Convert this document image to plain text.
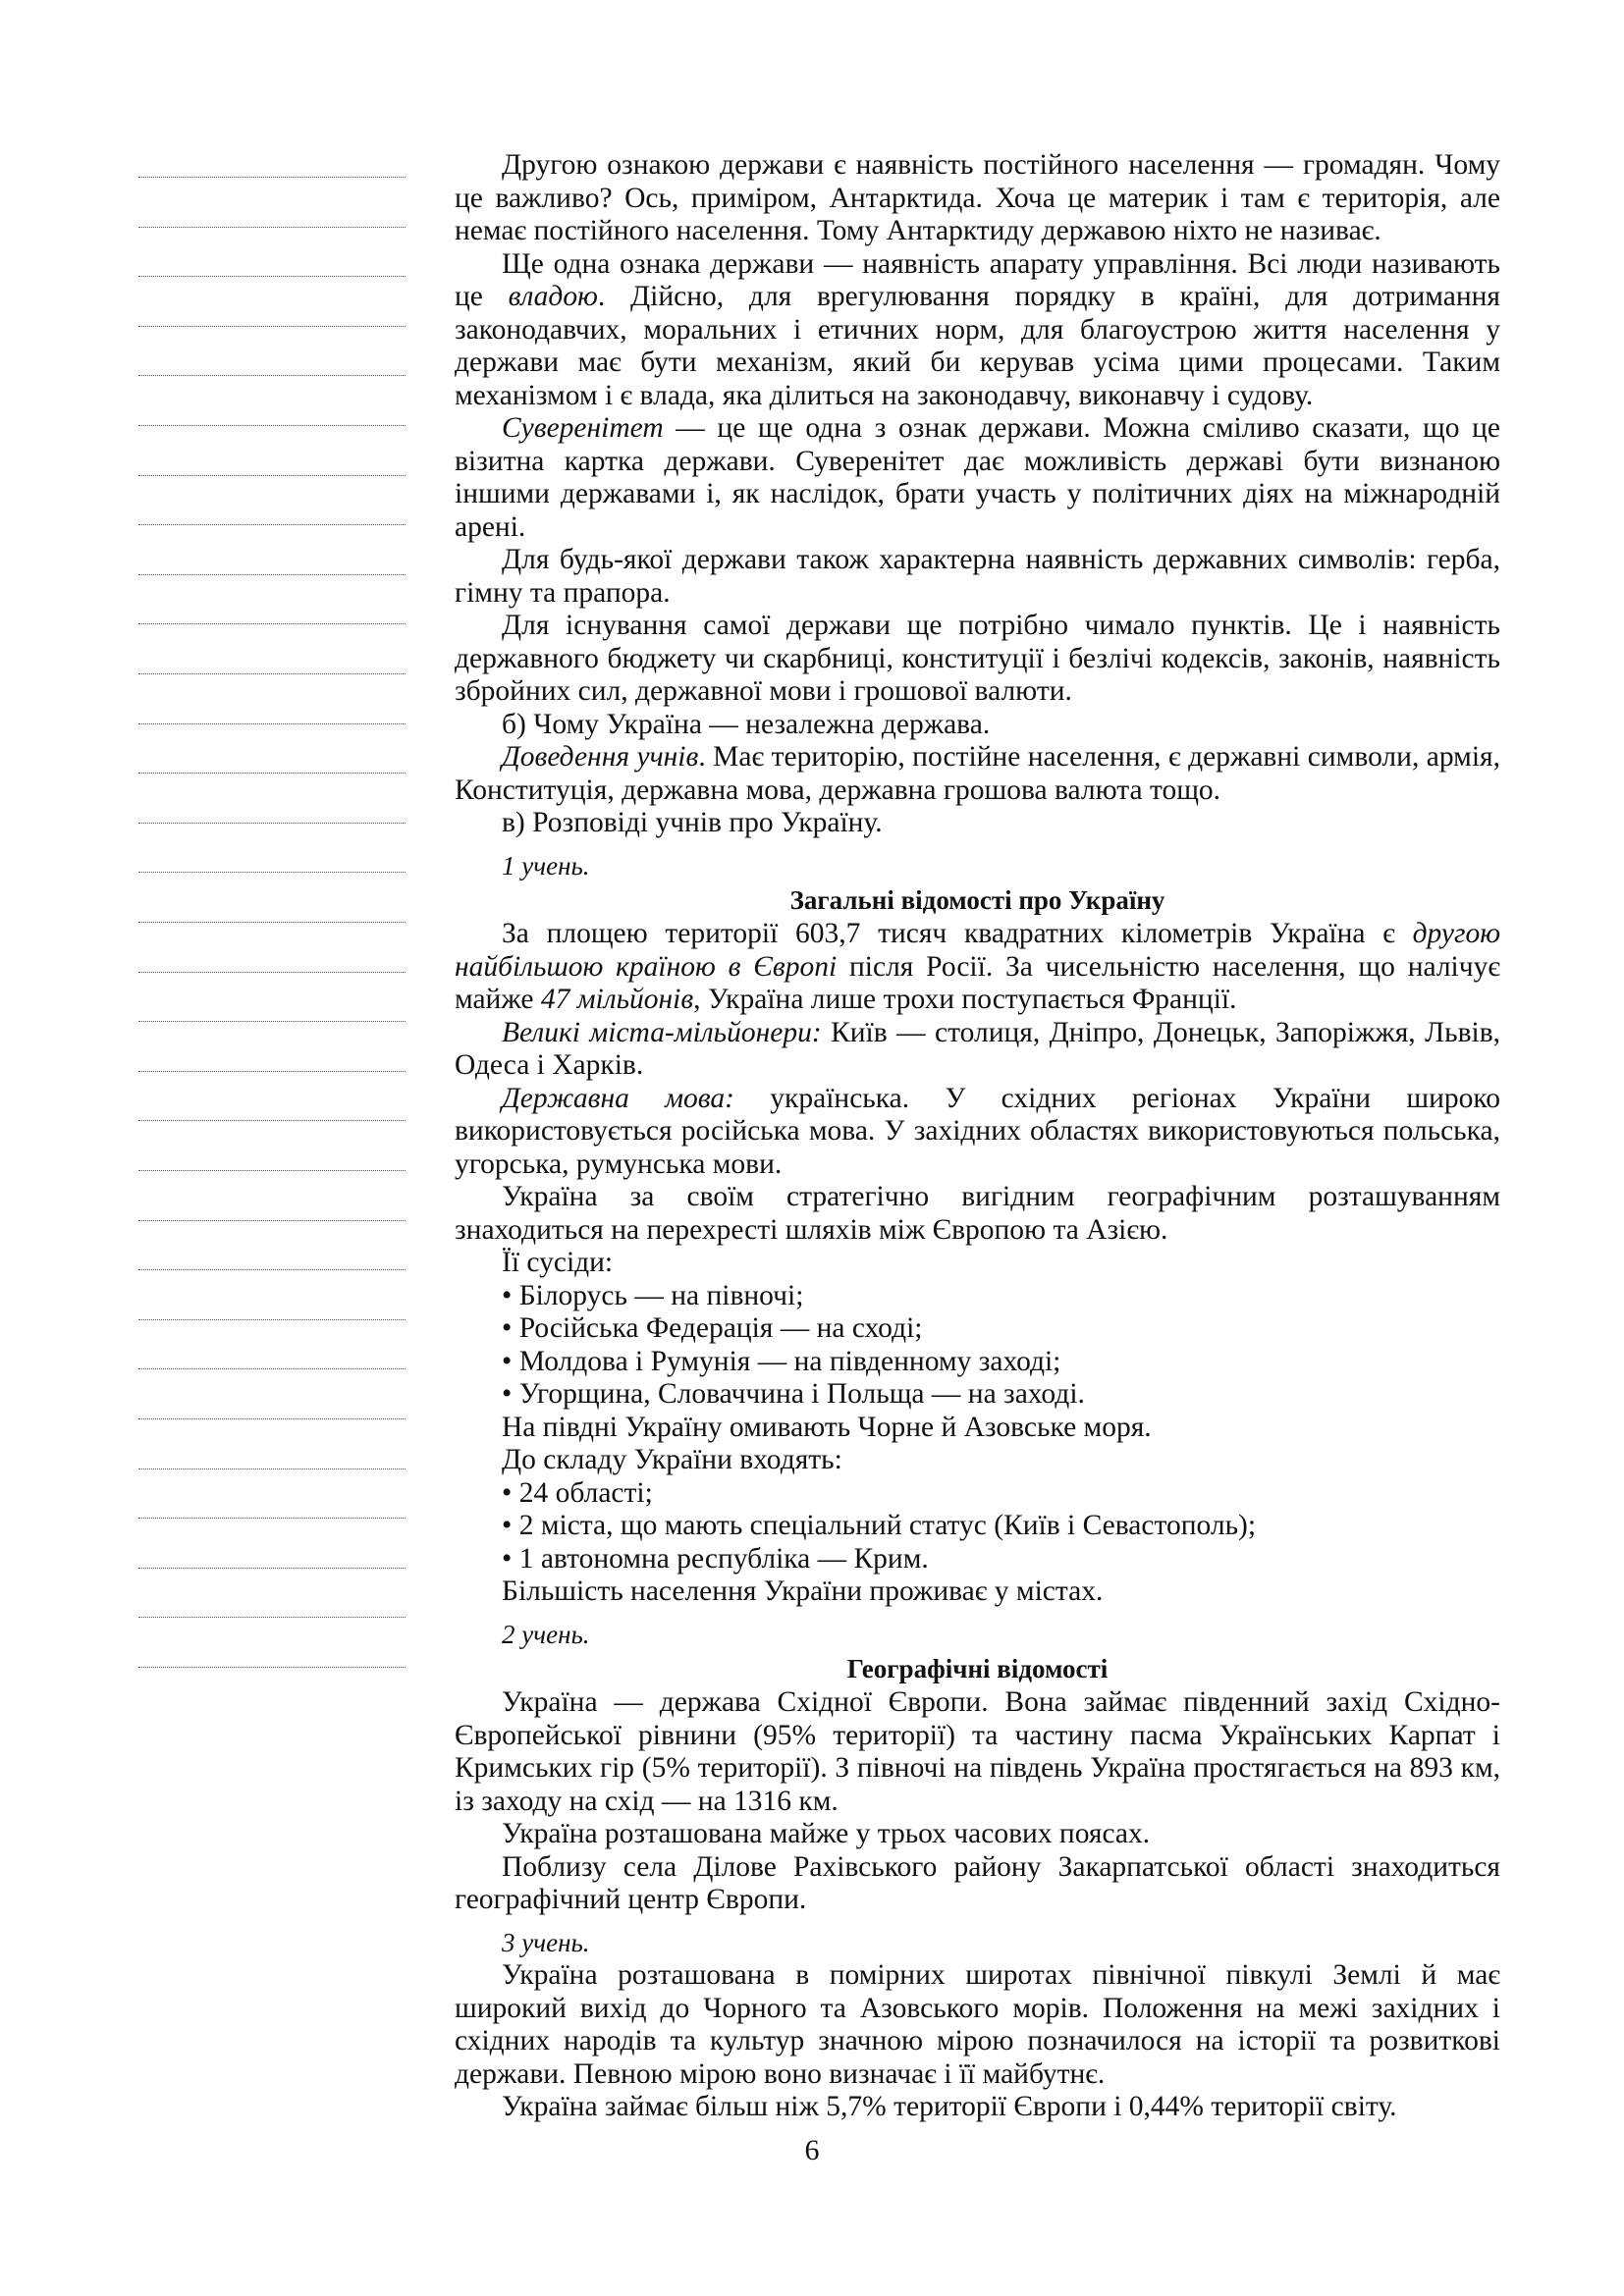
Другою ознакою держави є наявність постійного населення — громадян. Чому це важливо? Ось, приміром, Антарктида. Хоча це материк і там є територія, але немає постійного населення. Тому Антарктиду державою ніхто не називає.

Ще одна ознака держави — наявність апарату управління. Всі люди називають це владою. Дійсно, для врегулювання порядку в країні, для дотримання законодавчих, моральних і етичних норм, для благоустрою життя населення у держави має бути механізм, який би керував усіма цими процесами. Таким механізмом і є влада, яка ділиться на законодавчу, виконавчу і судову.

Суверенітет — це ще одна з ознак держави. Можна сміливо сказати, що це візитна картка держави. Суверенітет дає можливість державі бути визнаною іншими державами і, як наслідок, брати участь у політичних діях на міжнародній арені.

Для будь-якої держави також характерна наявність державних символів: герба, гімну та прапора.

Для існування самої держави ще потрібно чимало пунктів. Це і наявність державного бюджету чи скарбниці, конституції і безлічі кодексів, законів, наявність збройних сил, державної мови і грошової валюти.

б) Чому Україна — незалежна держава.

Доведення учнів. Має територію, постійне населення, є державні символи, армія, Конституція, державна мова, державна грошова валюта тощо.

в) Розповіді учнів про Україну.

1 учень.

Загальні відомості про Україну

За площею території 603,7 тисяч квадратних кілометрів Україна є другою найбільшою країною в Європі після Росії. За чисельністю населення, що налічує майже 47 мільйонів, Україна лише трохи поступається Франції.

Великі міста-мільйонери: Київ — столиця, Дніпро, Донецьк, Запоріжжя, Львів, Одеса і Харків.

Державна мова: українська. У східних регіонах України широко використовується російська мова. У західних областях використовуються польська, угорська, румунська мови.

Україна за своїм стратегічно вигідним географічним розташуванням знаходиться на перехресті шляхів між Європою та Азією.

Її сусіди:

• Білорусь — на півночі;

• Російська Федерація — на сході;

• Молдова і Румунія — на південному заході;

• Угорщина, Словаччина і Польща — на заході.

На півдні Україну омивають Чорне й Азовське моря.

До складу України входять:

• 24 області;

• 2 міста, що мають спеціальний статус (Київ і Севастополь);

• 1 автономна республіка — Крим.

Більшість населення України проживає у містах.

2 учень.

Географічні відомості

Україна — держава Східної Європи. Вона займає південний захід Східно-Європейської рівнини (95% території) та частину пасма Українських Карпат і Кримських гір (5% території). З півночі на південь Україна простягається на 893 км, із заходу на схід — на 1316 км.

Україна розташована майже у трьох часових поясах.

Поблизу села Ділове Рахівського району Закарпатської області знаходиться географічний центр Європи.

3 учень.

Україна розташована в помірних широтах північної півкулі Землі й має широкий вихід до Чорного та Азовського морів. Положення на межі західних і східних народів та культур значною мірою позначилося на історії та розвиткові держави. Певною мірою воно визначає і її майбутнє.

Україна займає більш ніж 5,7% території Європи і 0,44% території світу.

6
